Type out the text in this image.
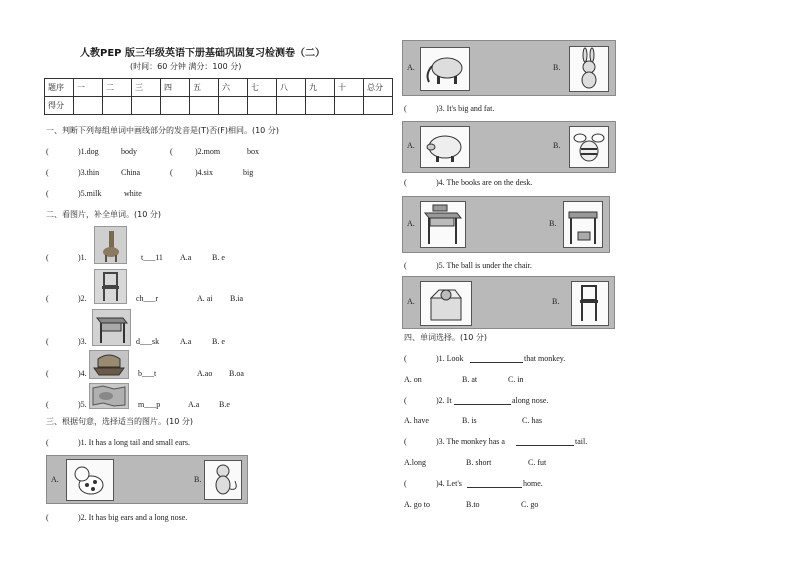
人教PEP 版三年级英语下册基础巩固复习检测卷（二）
(时间：60 分钟 满分：100 分)
题序	一	二	三	四	五	六	七	八	九	十	总分
得分											
一、判断下列每组单词中画线部分的发音是(T)否(F)相同。(10 分)
(	)1.dog	body	(	)2.mom	box
(	)3.thin	China	(	)4.six	big
(	)5.milk	white
二、看图片，补全单词。(10 分)
(	)1.	t___11 A.a	B. e
(	)2.	ch___r	A. ai B.ia
(	)3.	d___sk	A.a	B. e
(	)4.	b___t	A.ao B.oa
(	)5.	m___p	A.a B.e
三、根据句意，选择适当的图片。(10 分)
(	)1. It has a long tail and small ears.
A.	B.
(	)2. It has big ears and a long nose.
A.	B.
(	)3. It's big and fat.
A.	B.
(	)4. The books are on the desk.
A.	B.
(	)5. The ball is under the chair.
A.	B.
四、单词选择。(10 分)
(	)1. Look	that monkey.
A. on	B. at	C. in
(	)2. It	along nose.
A. have	B. is	C. has
(	)3. The monkey has a	tail.
A.long	B. short	C. fut
(	)4. Let's	home.
A. go to	B.to	C. go
